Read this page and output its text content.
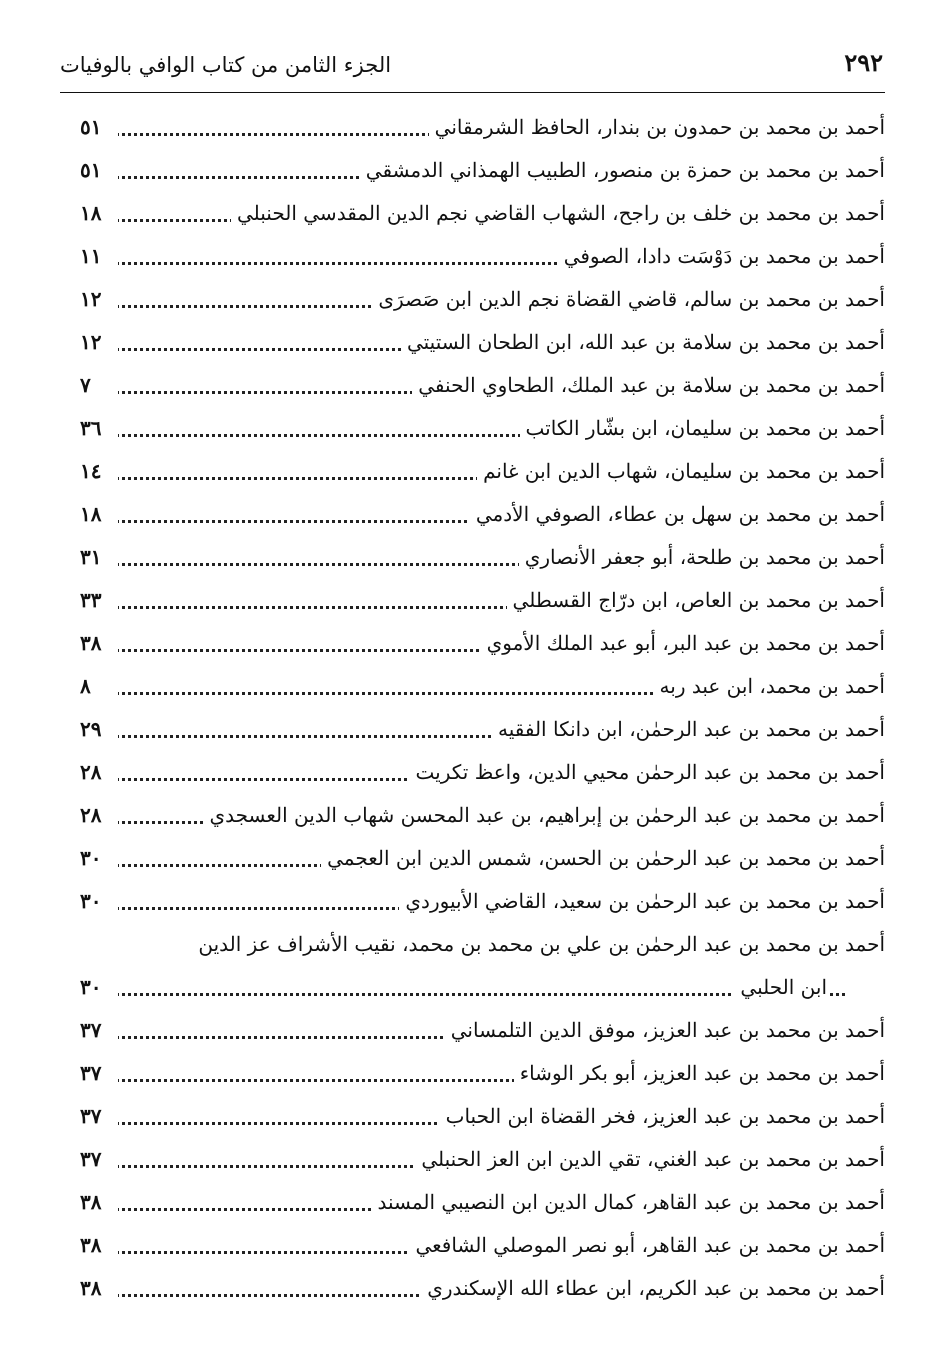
٢٩٢
الجزء الثامن من كتاب الوافي بالوفيات
أحمد بن محمد بن حمدون بن بندار، الحافظ الشرمقاني
٥١
أحمد بن محمد بن حمزة بن منصور، الطبيب الهمذاني الدمشقي
٥١
أحمد بن محمد بن خلف بن راجح، الشهاب القاضي نجم الدين المقدسي الحنبلي
١٨
أحمد بن محمد بن دَوْسَت دادا، الصوفي
١١
أحمد بن محمد بن سالم، قاضي القضاة نجم الدين ابن صَصرَى
١٢
أحمد بن محمد بن سلامة بن عبد الله، ابن الطحان الستيتي
١٢
أحمد بن محمد بن سلامة بن عبد الملك، الطحاوي الحنفي
٧
أحمد بن محمد بن سليمان، ابن بشّار الكاتب
٣٦
أحمد بن محمد بن سليمان، شهاب الدين ابن غانم
١٤
أحمد بن محمد بن سهل بن عطاء، الصوفي الأدمي
١٨
أحمد بن محمد بن طلحة، أبو جعفر الأنصاري
٣١
أحمد بن محمد بن العاص، ابن درّاج القسطلي
٣٣
أحمد بن محمد بن عبد البر، أبو عبد الملك الأموي
٣٨
أحمد بن محمد، ابن عبد ربه
٨
أحمد بن محمد بن عبد الرحمٰن، ابن دانكا الفقيه
٢٩
أحمد بن محمد بن عبد الرحمٰن محيي الدين، واعظ تكريت
٢٨
أحمد بن محمد بن عبد الرحمٰن بن إبراهيم، بن عبد المحسن شهاب الدين العسجدي
٢٨
أحمد بن محمد بن عبد الرحمٰن بن الحسن، شمس الدين ابن العجمي
٣٠
أحمد بن محمد بن عبد الرحمٰن بن سعيد، القاضي الأبيوردي
٣٠
أحمد بن محمد بن عبد الرحمٰن بن علي بن محمد بن محمد، نقيب الأشراف عز الدين
ابن الحلبي
٣٠
أحمد بن محمد بن عبد العزيز، موفق الدين التلمساني
٣٧
أحمد بن محمد بن عبد العزيز، أبو بكر الوشاء
٣٧
أحمد بن محمد بن عبد العزيز، فخر القضاة ابن الحباب
٣٧
أحمد بن محمد بن عبد الغني، تقي الدين ابن العز الحنبلي
٣٧
أحمد بن محمد بن عبد القاهر، كمال الدين ابن النصيبي المسند
٣٨
أحمد بن محمد بن عبد القاهر، أبو نصر الموصلي الشافعي
٣٨
أحمد بن محمد بن عبد الكريم، ابن عطاء الله الإسكندري
٣٨
